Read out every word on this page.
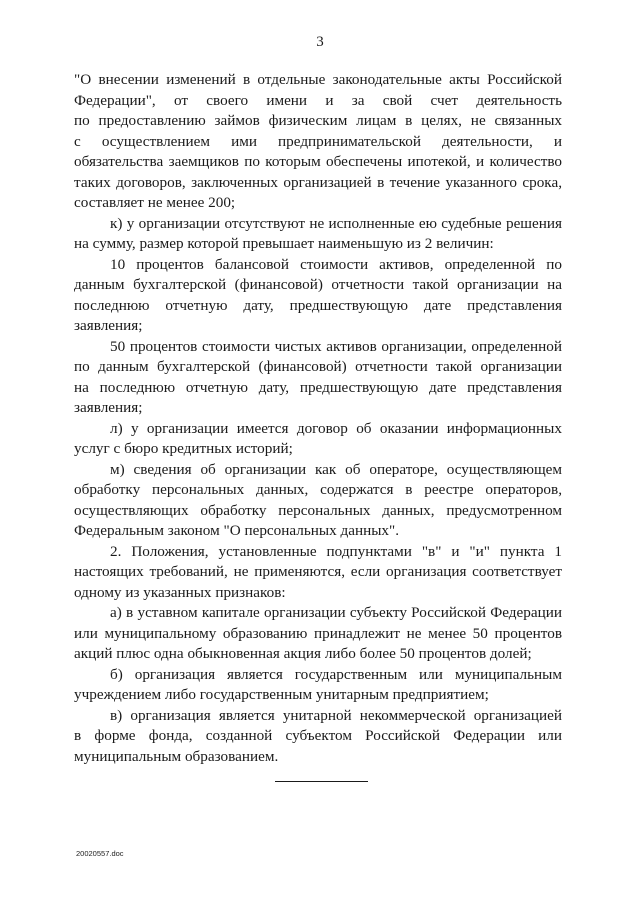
3
"О внесении изменений в отдельные законодательные акты Российской
Федерации", от своего имени и за свой счет деятельность
по предоставлению займов физическим лицам в целях, не связанных
с осуществлением ими предпринимательской деятельности, и
обязательства заемщиков по которым обеспечены ипотекой, и количество
таких договоров, заключенных организацией в течение указанного срока,
составляет не менее 200;
к) у организации отсутствуют не исполненные ею судебные решения
на сумму, размер которой превышает наименьшую из 2 величин:
10 процентов балансовой стоимости активов, определенной по
данным бухгалтерской (финансовой) отчетности такой организации на
последнюю отчетную дату, предшествующую дате представления
заявления;
50 процентов стоимости чистых активов организации, определенной
по данным бухгалтерской (финансовой) отчетности такой организации
на последнюю отчетную дату, предшествующую дате представления
заявления;
л) у организации имеется договор об оказании информационных
услуг с бюро кредитных историй;
м) сведения об организации как об операторе, осуществляющем
обработку персональных данных, содержатся в реестре операторов,
осуществляющих обработку персональных данных, предусмотренном
Федеральным законом "О персональных данных".
2. Положения, установленные подпунктами "в" и "и" пункта 1
настоящих требований, не применяются, если организация соответствует
одному из указанных признаков:
а) в уставном капитале организации субъекту Российской Федерации
или муниципальному образованию принадлежит не менее 50 процентов
акций плюс одна обыкновенная акция либо более 50 процентов долей;
б) организация является государственным или муниципальным
учреждением либо государственным унитарным предприятием;
в) организация является унитарной некоммерческой организацией
в форме фонда, созданной субъектом Российской Федерации или
муниципальным образованием.
20020557.doc
